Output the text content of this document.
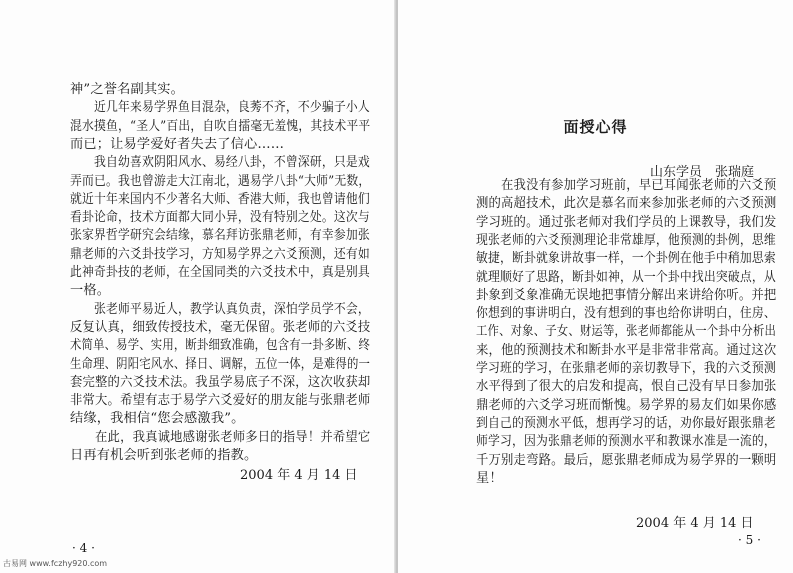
神”之誉名副其实。
　　近几年来易学界鱼目混杂，良莠不齐，不少骗子小人
混水摸鱼，“圣人”百出，自吹自擂毫无羞愧，其技术平平
而已；让易学爱好者失去了信心……
　　我自幼喜欢阴阳风水、易经八卦，不曾深研，只是戏
弄而已。我也曾游走大江南北，遇易学八卦“大师”无数，
就近十年来国内不少著名大师、香港大师，我也曾请他们
看卦论命，技术方面都大同小异，没有特别之处。这次与
张家界哲学研究会结缘，慕名拜访张鼎老师，有幸参加张
鼎老师的六爻卦技学习，方知易学界之六爻预测，还有如
此神奇卦技的老师，在全国同类的六爻技术中，真是别具
一格。
　　张老师平易近人，教学认真负责，深怕学员学不会，
反复认真，细致传授技术，毫无保留。张老师的六爻技
术简单、易学、实用，断卦细致准确，包含有一卦多断、终
生命理、阴阳宅风水、择日、调解，五位一体，是难得的一
套完整的六爻技术法。我虽学易底子不深，这次收获却
非常大。希望有志于易学六爻爱好的朋友能与张鼎老师
结缘，我相信“您会感激我”。
　　在此，我真诚地感谢张老师多日的指导！并希望它
日再有机会听到张老师的指教。
2004 年 4 月 14 日
· 4 ·
古易网 www.fczhy920.com
面授心得
山东学员　张瑞庭
　　在我没有参加学习班前，早已耳闻张老师的六爻预
测的高超技术，此次是慕名而来参加张老师的六爻预测
学习班的。通过张老师对我们学员的上课教导，我们发
现张老师的六爻预测理论非常雄厚，他预测的卦例，思维
敏捷，断卦就象讲故事一样，一个卦例在他手中稍加思索
就理顺好了思路，断卦如神，从一个卦中找出突破点，从
卦象到爻象准确无误地把事情分解出来讲给你听。并把
你想到的事讲明白，没有想到的事也给你讲明白，住房、
工作、对象、子女、财运等，张老师都能从一个卦中分析出
来，他的预测技术和断卦水平是非常非常高。通过这次
学习班的学习，在张鼎老师的亲切教导下，我的六爻预测
水平得到了很大的启发和提高，恨自己没有早日参加张
鼎老师的六爻学习班而惭愧。易学界的易友们如果你感
到自己的预测水平低，想再学习的话，劝你最好跟张鼎老
师学习，因为张鼎老师的预测水平和教课水准是一流的，
千万别走弯路。最后，愿张鼎老师成为易学界的一颗明
星！
2004 年 4 月 14 日
· 5 ·
